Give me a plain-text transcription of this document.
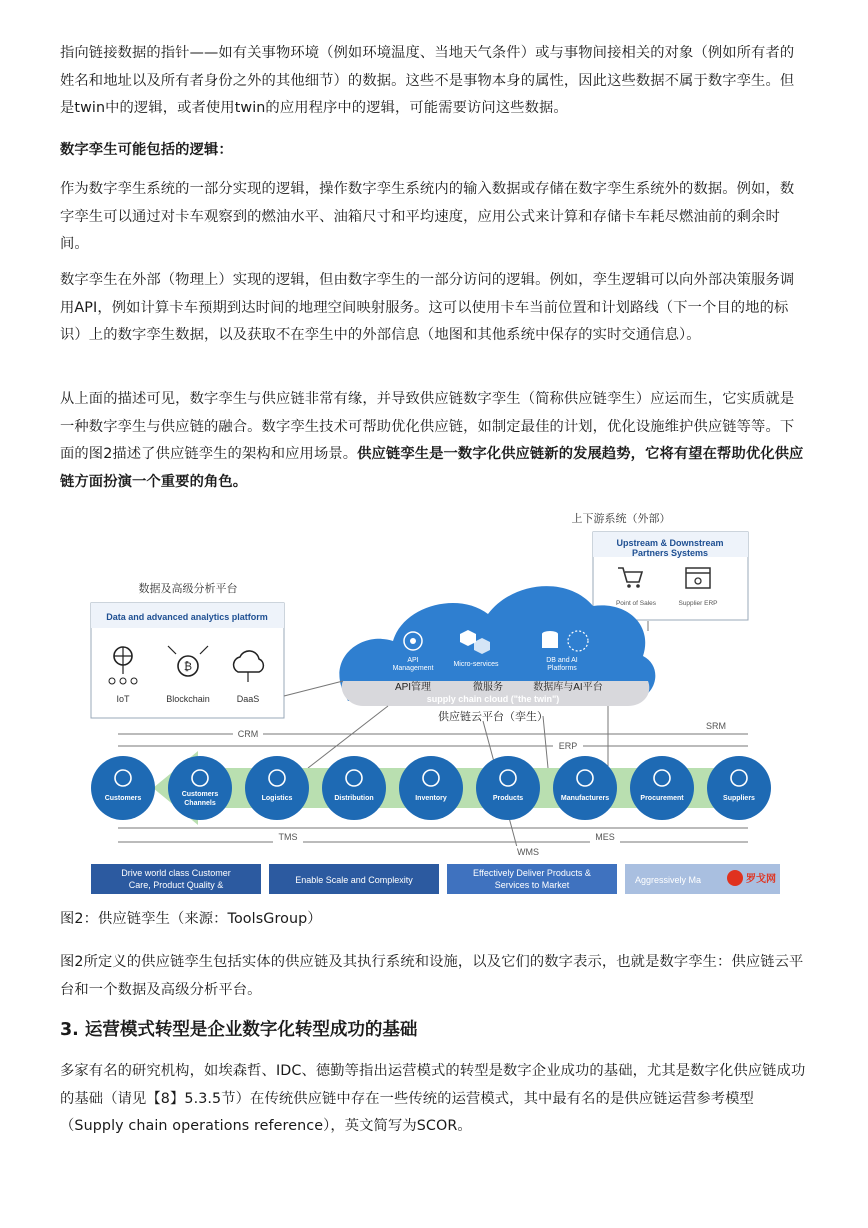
指向链接数据的指针——如有关事物环境（例如环境温度、当地天气条件）或与事物间接相关的对象（例如所有者的姓名和地址以及所有者身份之外的其他细节）的数据。这些不是事物本身的属性，因此这些数据不属于数字孪生。但是twin中的逻辑，或者使用twin的应用程序中的逻辑，可能需要访问这些数据。

数字孪生可能包括的逻辑：

作为数字孪生系统的一部分实现的逻辑，操作数字孪生系统内的输入数据或存储在数字孪生系统外的数据。例如，数字孪生可以通过对卡车观察到的燃油水平、油箱尺寸和平均速度，应用公式来计算和存储卡车耗尽燃油前的剩余时间。

数字孪生在外部（物理上）实现的逻辑，但由数字孪生的一部分访问的逻辑。例如，孪生逻辑可以向外部决策服务调用API，例如计算卡车预期到达时间的地理空间映射服务。这可以使用卡车当前位置和计划路线（下一个目的地的标识）上的数字孪生数据，以及获取不在孪生中的外部信息（地图和其他系统中保存的实时交通信息）。

从上面的描述可见，数字孪生与供应链非常有缘，并导致供应链数字孪生（简称供应链孪生）应运而生，它实质就是一种数字孪生与供应链的融合。数字孪生技术可帮助优化供应链，如制定最佳的计划，优化设施维护供应链等等。下面的图2描述了供应链孪生的架构和应用场景。供应链孪生是一数字化供应链新的发展趋势，它将有望在帮助优化供应链方面扮演一个重要的角色。

图2：供应链孪生（来源：ToolsGroup）

图2所定义的供应链孪生包括实体的供应链及其执行系统和设施，以及它们的数字表示，也就是数字孪生：供应链云平台和一个数据及高级分析平台。

3. 运营模式转型是企业数字化转型成功的基础

多家有名的研究机构，如埃森哲、IDC、德勤等指出运营模式的转型是数字企业成功的基础，尤其是数字化供应链成功的基础（请见【8】5.3.5节）在传统供应链中存在一些传统的运营模式，其中最有名的是供应链运营参考模型（Supply chain operations reference），英文简写为SCOR。

上下游系统（外部）
Upstream & Downstream
Partners Systems
Point of Sales	Supplier ERP
数据及高级分析平台
Data and advanced analytics platform
₿
IoT	Blockchain	DaaS
API
Management
Micro-services
DB and AI
Platforms
API管理	微服务	数据库与AI平台
supply chain cloud ("the twin")
供应链云平台（孪生）
CRM
ERP
SRM
TMS
WMS
MES
Customers
Customers
Channels
Logistics	Distribution	Inventory	Products	Manufacturers	Procurement	Suppliers
Drive world class Customer
Care, Product Quality &	Enable Scale and Complexity
Effectively Deliver Products &
Services to Market	Aggressively Ma	罗戈网
